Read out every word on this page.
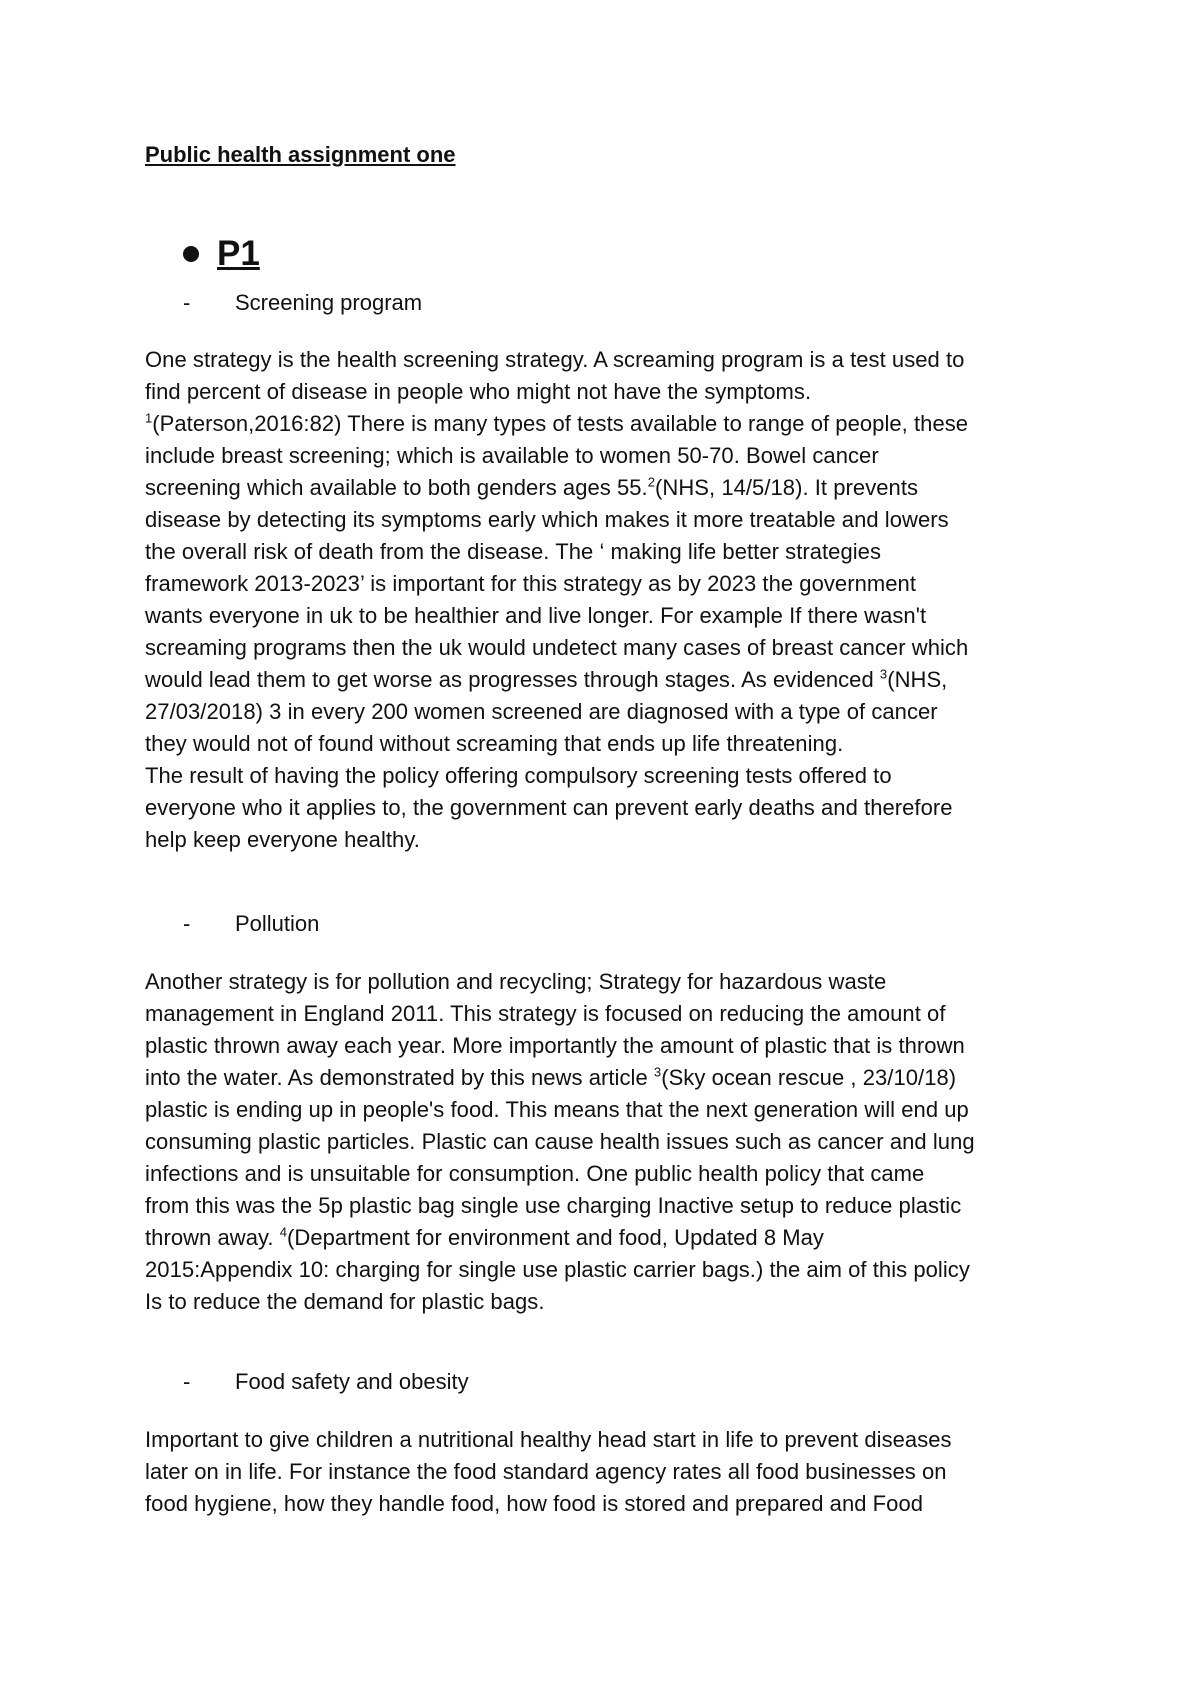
Public health assignment one
P1
-	Screening program
One strategy is the health screening strategy. A screaming program is a test used to
find percent of disease in people who might not have the symptoms.
$^1$(Paterson,2016:82) There is many types of tests available to range of people, these
include breast screening; which is available to women 50-70. Bowel cancer
screening which available to both genders ages 55.$^2$(NHS, 14/5/18). It prevents
disease by detecting its symptoms early which makes it more treatable and lowers
the overall risk of death from the disease. The ‘ making life better strategies
framework 2013-2023’ is important for this strategy as by 2023 the government
wants everyone in uk to be healthier and live longer. For example If there wasn't
screaming programs then the uk would undetect many cases of breast cancer which
would lead them to get worse as progresses through stages. As evidenced $^3$(NHS,
27/03/2018) 3 in every 200 women screened are diagnosed with a type of cancer
they would not of found without screaming that ends up life threatening.
The result of having the policy offering compulsory screening tests offered to
everyone who it applies to, the government can prevent early deaths and therefore
help keep everyone healthy.
-	Pollution
Another strategy is for pollution and recycling; Strategy for hazardous waste
management in England 2011. This strategy is focused on reducing the amount of
plastic thrown away each year. More importantly the amount of plastic that is thrown
into the water. As demonstrated by this news article $^3$(Sky ocean rescue , 23/10/18)
plastic is ending up in people's food. This means that the next generation will end up
consuming plastic particles. Plastic can cause health issues such as cancer and lung
infections and is unsuitable for consumption. One public health policy that came
from this was the 5p plastic bag single use charging Inactive setup to reduce plastic
thrown away. $^4$(Department for environment and food, Updated 8 May
2015:Appendix 10: charging for single use plastic carrier bags.) the aim of this policy
Is to reduce the demand for plastic bags.
-	Food safety and obesity
Important to give children a nutritional healthy head start in life to prevent diseases
later on in life. For instance the food standard agency rates all food businesses on
food hygiene, how they handle food, how food is stored and prepared and Food
